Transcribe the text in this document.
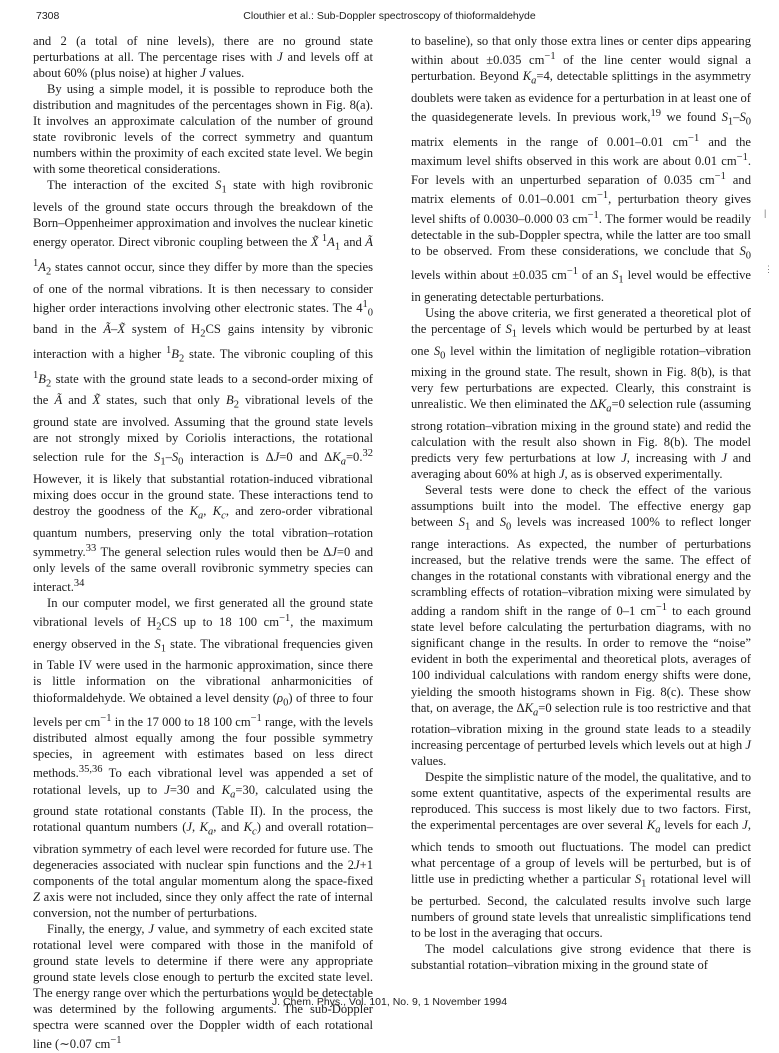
7308	Clouthier et al.: Sub-Doppler spectroscopy of thioformaldehyde

and 2 (a total of nine levels), there are no ground state perturbations at all. The percentage rises with J and levels off at about 60% (plus noise) at higher J values.

By using a simple model, it is possible to reproduce both the distribution and magnitudes of the percentages shown in Fig. 8(a). It involves an approximate calculation of the number of ground state rovibronic levels of the correct symmetry and quantum numbers within the proximity of each excited state level. We begin with some theoretical considerations.

The interaction of the excited $S_1$ state with high rovibronic levels of the ground state occurs through the breakdown of the Born–Oppenheimer approximation and involves the nuclear kinetic energy operator. Direct vibronic coupling between the X̃ $^1A_1$ and Ã $^1A_2$ states cannot occur, since they differ by more than the species of one of the normal vibrations. It is then necessary to consider higher order interactions involving other electronic states. The $4^1_0$ band in the Ã–X̃ system of $H_2CS$ gains intensity by vibronic interaction with a higher $^1B_2$ state. The vibronic coupling of this $^1B_2$ state with the ground state leads to a second-order mixing of the Ã and X̃ states, such that only $B_2$ vibrational levels of the ground state are involved. Assuming that the ground state levels are not strongly mixed by Coriolis interactions, the rotational selection rule for the $S_1-S_0$ interaction is ΔJ=0 and $\Delta K_a=0.32$ However, it is likely that substantial rotation-induced vibrational mixing does occur in the ground state. These interactions tend to destroy the goodness of the $K_a$, $K_c$, and zero-order vibrational quantum numbers, preserving only the total vibration–rotation symmetry.$^{33}$ The general selection rules would then be ΔJ=0 and only levels of the same overall rovibronic symmetry species can interact.$^{34}$

In our computer model, we first generated all the ground state vibrational levels of $H_2CS$ up to 18 100 $cm^{-1}$, the maximum energy observed in the $S_1$ state. The vibrational frequencies given in Table IV were used in the harmonic approximation, since there is little information on the vibrational anharmonicities of thioformaldehyde. We obtained a level density $(\rho_0)$ of three to four levels per $cm^{-1}$ in the 17 000 to 18 100 $cm^{-1}$ range, with the levels distributed almost equally among the four possible symmetry species, in agreement with estimates based on less direct methods.$^{35,36}$ To each vibrational level was appended a set of rotational levels, up to J=30 and $K_a=30$, calculated using the ground state rotational constants (Table II). In the process, the rotational quantum numbers (J, $K_a$, and $K_c$) and overall rotation–vibration symmetry of each level were recorded for future use. The degeneracies associated with nuclear spin functions and the 2J+1 components of the total angular momentum along the space-fixed Z axis were not included, since they only affect the rate of internal conversion, not the number of perturbations.

Finally, the energy, J value, and symmetry of each excited state rotational level were compared with those in the manifold of ground state levels to determine if there were any appropriate ground state levels close enough to perturb the excited state level. The energy range over which the perturbations would be detectable was determined by the following arguments. The sub-Doppler spectra were scanned over the Doppler width of each rotational line (∼0.07 $cm^{-1}$

to baseline), so that only those extra lines or center dips appearing within about ±0.035 $cm^{-1}$ of the line center would signal a perturbation. Beyond $K_a=4$, detectable splittings in the asymmetry doublets were taken as evidence for a perturbation in at least one of the quasidegenerate levels. In previous work,$^{19}$ we found $S_1-S_0$ matrix elements in the range of 0.001–0.01 $cm^{-1}$ and the maximum level shifts observed in this work are about 0.01 $cm^{-1}$. For levels with an unperturbed separation of 0.035 $cm^{-1}$ and matrix elements of 0.01–0.001 $cm^{-1}$, perturbation theory gives level shifts of 0.0030–0.000 03 $cm^{-1}$. The former would be readily detectable in the sub-Doppler spectra, while the latter are too small to be observed. From these considerations, we conclude that $S_0$ levels within about ±0.035 $cm^{-1}$ of an $S_1$ level would be effective in generating detectable perturbations.

Using the above criteria, we first generated a theoretical plot of the percentage of $S_1$ levels which would be perturbed by at least one $S_0$ level within the limitation of negligible rotation–vibration mixing in the ground state. The result, shown in Fig. 8(b), is that very few perturbations are expected. Clearly, this constraint is unrealistic. We then eliminated the $\Delta K_a=0$ selection rule (assuming strong rotation–vibration mixing in the ground state) and redid the calculation with the result also shown in Fig. 8(b). The model predicts very few perturbations at low J, increasing with J and averaging about 60% at high J, as is observed experimentally.

Several tests were done to check the effect of the various assumptions built into the model. The effective energy gap between $S_1$ and $S_0$ levels was increased 100% to reflect longer range interactions. As expected, the number of perturbations increased, but the relative trends were the same. The effect of changes in the rotational constants with vibrational energy and the scrambling effects of rotation–vibration mixing were simulated by adding a random shift in the range of 0–1 $cm^{-1}$ to each ground state level before calculating the perturbation diagrams, with no significant change in the results. In order to remove the “noise” evident in both the experimental and theoretical plots, averages of 100 individual calculations with random energy shifts were done, yielding the smooth histograms shown in Fig. 8(c). These show that, on average, the $\Delta K_a=0$ selection rule is too restrictive and that rotation–vibration mixing in the ground state leads to a steadily increasing percentage of perturbed levels which levels out at high J values.

Despite the simplistic nature of the model, the qualitative, and to some extent quantitative, aspects of the experimental results are reproduced. This success is most likely due to two factors. First, the experimental percentages are over several $K_a$ levels for each J, which tends to smooth out fluctuations. The model can predict what percentage of a group of levels will be perturbed, but is of little use in predicting whether a particular $S_1$ rotational level will be perturbed. Second, the calculated results involve such large numbers of ground state levels that unrealistic simplifications tend to be lost in the averaging that occurs.

The model calculations give strong evidence that there is substantial rotation–vibration mixing in the ground state of

|
⋮
J. Chem. Phys., Vol. 101, No. 9, 1 November 1994
